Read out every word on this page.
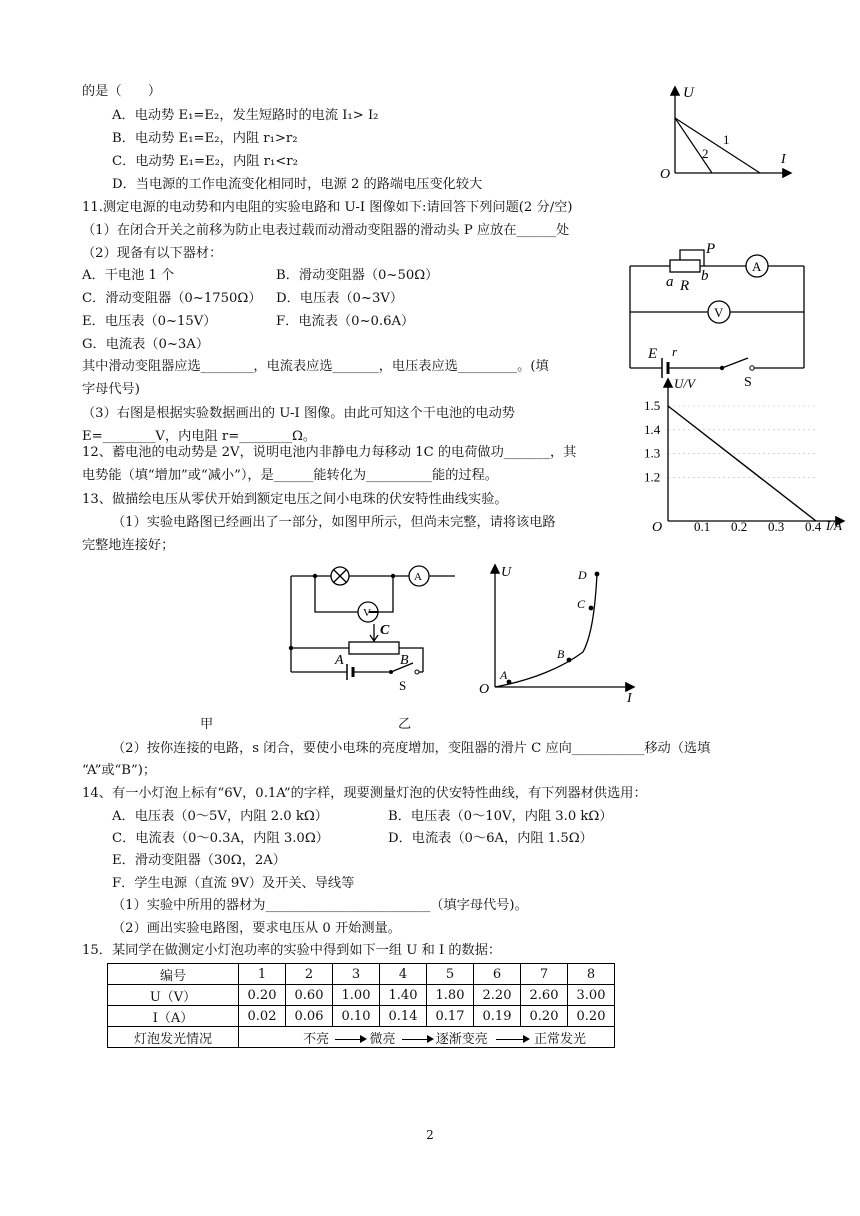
的是（　　）
A．电动势 E₁=E₂，发生短路时的电流 I₁> I₂
B．电动势 E₁=E₂，内阻 r₁>r₂
C．电动势 E₁=E₂，内阻 r₁<r₂
D．当电源的工作电流变化相同时，电源 2 的路端电压变化较大
U
I
O
1
2
11.测定电源的电动势和内电阻的实验电路和 U-I 图像如下:请回答下列问题(2 分/空)
（1）在闭合开关之前移为防止电表过载而动滑动变阻器的滑动头 P 应放在______处
（2）现备有以下器材：
A．干电池 1 个	B．滑动变阻器（0~50Ω）
C．滑动变阻器（0~1750Ω） D．电压表（0~3V）
E．电压表（0~15V）	F．电流表（0~0.6A）
G．电流表（0~3A）
其中滑动变阻器应选________，电流表应选_______，电压表应选_________。(填
字母代号)
（3）右图是根据实验数据画出的 U-I 图像。由此可知这个干电池的电动势
E=________V，内电阻 r=________Ω。
P
a b
R
A
V
E r
S
1.5
1.4
1.3
1.2
0.1 0.2 0.3 0.4
U/V
I/A
O
12、蓄电池的电动势是 2V，说明电池内非静电力每移动 1C 的电荷做功_______，其
电势能（填“增加”或“减小”），是______能转化为__________能的过程。
13、做描绘电压从零伏开始到额定电压之间小电珠的伏安特性曲线实验。
（1）实验电路图已经画出了一部分，如图甲所示，但尚未完整，请将该电路
完整地连接好；
A
V
C
A	B
S
U
I
O
A
B
C
D
甲	乙
（2）按你连接的电路，s 闭合，要使小电珠的亮度增加，变阻器的滑片 C 应向___________移动（选填
“A”或“B”)；
14、有一小灯泡上标有“6V，0.1A”的字样，现要测量灯泡的伏安特性曲线，有下列器材供选用：
A．电压表（0～5V，内阻 2.0 kΩ）	B．电压表（0～10V，内阻 3.0 kΩ）
C．电流表（0～0.3A，内阻 3.0Ω）	D．电流表（0～6A，内阻 1.5Ω）
E．滑动变阻器（30Ω，2A）
F．学生电源（直流 9V）及开关、导线等
（1）实验中所用的器材为_________________________（填字母代号)。
（2）画出实验电路图，要求电压从 0 开始测量。
15．某同学在做测定小灯泡功率的实验中得到如下一组 U 和 I 的数据：
编号	1	2	3	4	5	6	7	8
U（V）	0.20	0.60	1.00	1.40	1.80	2.20	2.60	3.00
I（A）	0.02	0.06	0.10	0.14	0.17	0.19	0.20	0.20
灯泡发光情况	不亮 微亮 逐渐变亮 正常发光							
2
